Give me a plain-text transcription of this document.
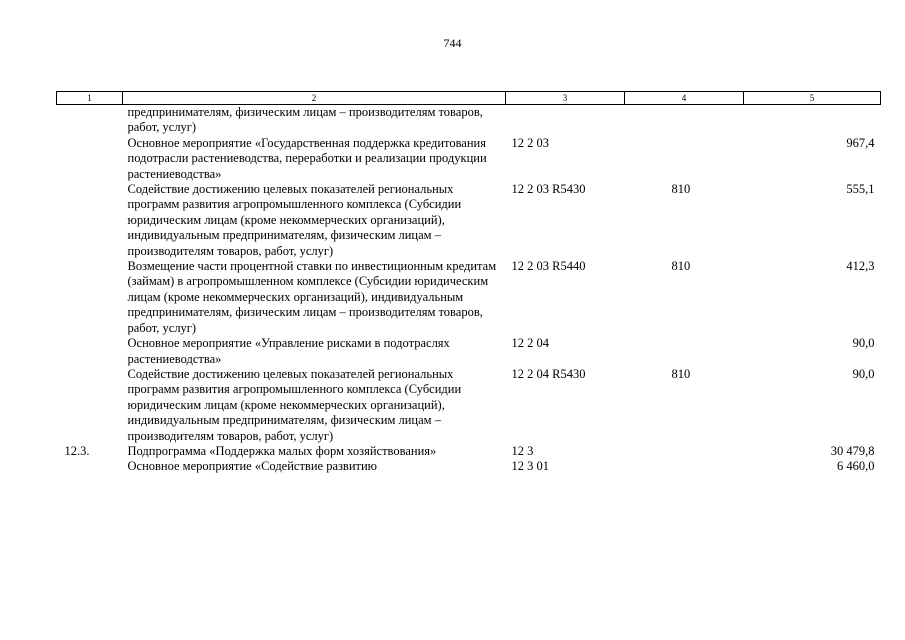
744
1	2	3	4	5
	предпринимателям, физическим лицам – производителям товаров, работ, услуг)			
	Основное мероприятие «Государственная поддержка кредитования подотрасли растениеводства, переработки и реализации продукции растениеводства»	12 2 03		967,4
	Содействие достижению целевых показателей региональных программ развития агропромышленного комплекса (Субсидии юридическим лицам (кроме некоммерческих организаций), индивидуальным предпринимателям, физическим лицам – производителям товаров, работ, услуг)	12 2 03 R5430	810	555,1
	Возмещение части процентной ставки по инвестиционным кредитам (займам) в агропромышленном комплексе (Субсидии юридическим лицам (кроме некоммерческих организаций), индивидуальным предпринимателям, физическим лицам – производителям товаров, работ, услуг)	12 2 03 R5440	810	412,3
	Основное мероприятие «Управление рисками в подотраслях растениеводства»	12 2 04		90,0
	Содействие достижению целевых показателей региональных программ развития агропромышленного комплекса (Субсидии юридическим лицам (кроме некоммерческих организаций), индивидуальным предпринимателям, физическим лицам – производителям товаров, работ, услуг)	12 2 04 R5430	810	90,0
12.3.	Подпрограмма «Поддержка малых форм хозяйствования»	12 3		30 479,8
	Основное мероприятие «Содействие развитию	12 3 01		6 460,0
